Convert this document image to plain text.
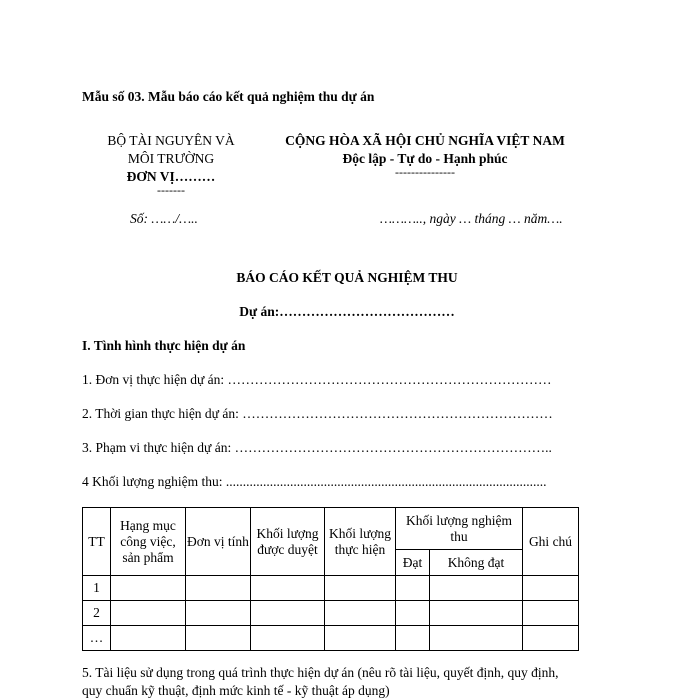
Mẫu số 03. Mẫu báo cáo kết quả nghiệm thu dự án
BỘ TÀI NGUYÊN VÀ
MÔI TRƯỜNG
ĐƠN VỊ………
-------
Số: ……/…..
CỘNG HÒA XÃ HỘI CHỦ NGHĨA VIỆT NAM
Độc lập - Tự do - Hạnh phúc
---------------
……….., ngày … tháng … năm….
BÁO CÁO KẾT QUẢ NGHIỆM THU
Dự án:…………………………………
I. Tình hình thực hiện dự án
1. Đơn vị thực hiện dự án: ………………………………………………………………
2. Thời gian thực hiện dự án: ……………………………………………………………
3. Phạm vi thực hiện dự án: ……………………………………………………………..
4 Khối lượng nghiệm thu: ...............................................................................................
TT	Hạng mục công việc, sản phẩm	Đơn vị tính	Khối lượng được duyệt	Khối lượng thực hiện	Khối lượng nghiệm thu		Ghi chú
					Đạt	Không đạt	
1							
2							
…							
5. Tài liệu sử dụng trong quá trình thực hiện dự án (nêu rõ tài liệu, quyết định, quy định,
quy chuẩn kỹ thuật, định mức kinh tế - kỹ thuật áp dụng)
